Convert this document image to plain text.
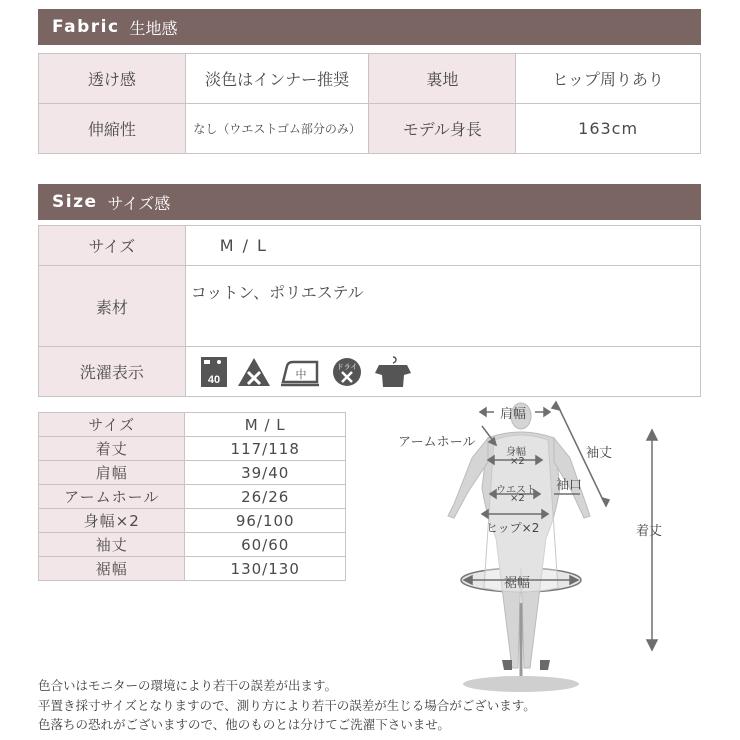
Fabric 生地感
透け感	淡色はインナー推奨	裏地	ヒップ周りあり
伸縮性	なし（ウエストゴム部分のみ）	モデル身長	163cm
Size サイズ感
サイズ	M / L
素材	コットン、ポリエステル
洗濯表示	40 中
ドライ
サイズ	M / L
着丈	117/118
肩幅	39/40
アームホール	26/26
身幅×2	96/100
袖丈	60/60
裾幅	130/130
肩幅
アームホール
袖丈
身幅
×2
ウエスト
×2
袖口
ヒップ×2
裾幅
着丈
色合いはモニターの環境により若干の誤差が出ます。
平置き採寸サイズとなりますので、測り方により若干の誤差が生じる場合がございます。
色落ちの恐れがございますので、他のものとは分けてご洗濯下さいませ。
